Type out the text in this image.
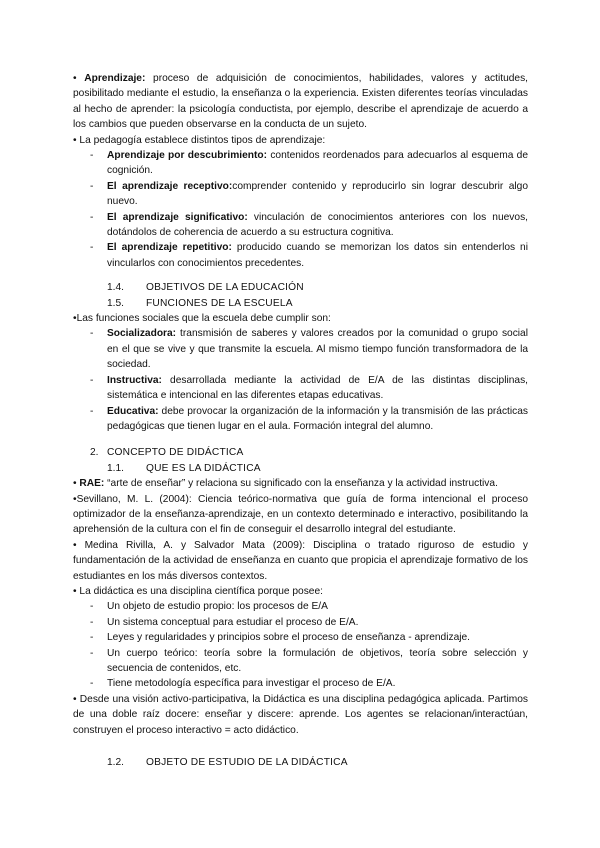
• Aprendizaje: proceso de adquisición de conocimientos, habilidades, valores y actitudes, posibilitado mediante el estudio, la enseñanza o la experiencia. Existen diferentes teorías vinculadas al hecho de aprender: la psicología conductista, por ejemplo, describe el aprendizaje de acuerdo a los cambios que pueden observarse en la conducta de un sujeto.

• La pedagogía establece distintos tipos de aprendizaje:

- Aprendizaje por descubrimiento: contenidos reordenados para adecuarlos al esquema de cognición.
- El aprendizaje receptivo:comprender contenido y reproducirlo sin lograr descubrir algo nuevo.
- El aprendizaje significativo: vinculación de conocimientos anteriores con los nuevos, dotándolos de coherencia de acuerdo a su estructura cognitiva.
- El aprendizaje repetitivo: producido cuando se memorizan los datos sin entenderlos ni vincularlos con conocimientos precedentes.
1.4. OBJETIVOS DE LA EDUCACIÓN
1.5. FUNCIONES DE LA ESCUELA

•Las funciones sociales que la escuela debe cumplir son:

- Socializadora: transmisión de saberes y valores creados por la comunidad o grupo social en el que se vive y que transmite la escuela. Al mismo tiempo función transformadora de la sociedad.
- Instructiva: desarrollada mediante la actividad de E/A de las distintas disciplinas, sistemática e intencional en las diferentes etapas educativas.
- Educativa: debe provocar la organización de la información y la transmisión de las prácticas pedagógicas que tienen lugar en el aula. Formación integral del alumno.
2. CONCEPTO DE DIDÁCTICA
1.1. QUE ES LA DIDÁCTICA

• RAE: “arte de enseñar” y relaciona su significado con la enseñanza y la actividad instructiva.

•Sevillano, M. L. (2004): Ciencia teórico-normativa que guía de forma intencional el proceso optimizador de la enseñanza-aprendizaje, en un contexto determinado e interactivo, posibilitando la aprehensión de la cultura con el fin de conseguir el desarrollo integral del estudiante.

• Medina Rivilla, A. y Salvador Mata (2009): Disciplina o tratado riguroso de estudio y fundamentación de la actividad de enseñanza en cuanto que propicia el aprendizaje formativo de los estudiantes en los más diversos contextos.

• La didáctica es una disciplina científica porque posee:

- Un objeto de estudio propio: los procesos de E/A
- Un sistema conceptual para estudiar el proceso de E/A.
- Leyes y regularidades y principios sobre el proceso de enseñanza - aprendizaje.
- Un cuerpo teórico: teoría sobre la formulación de objetivos, teoría sobre selección y secuencia de contenidos, etc.
- Tiene metodología específica para investigar el proceso de E/A.

• Desde una visión activo-participativa, la Didáctica es una disciplina pedagógica aplicada. Partimos de una doble raíz docere: enseñar y discere: aprende. Los agentes se relacionan/interactúan, construyen el proceso interactivo = acto didáctico.

1.2. OBJETO DE ESTUDIO DE LA DIDÁCTICA
